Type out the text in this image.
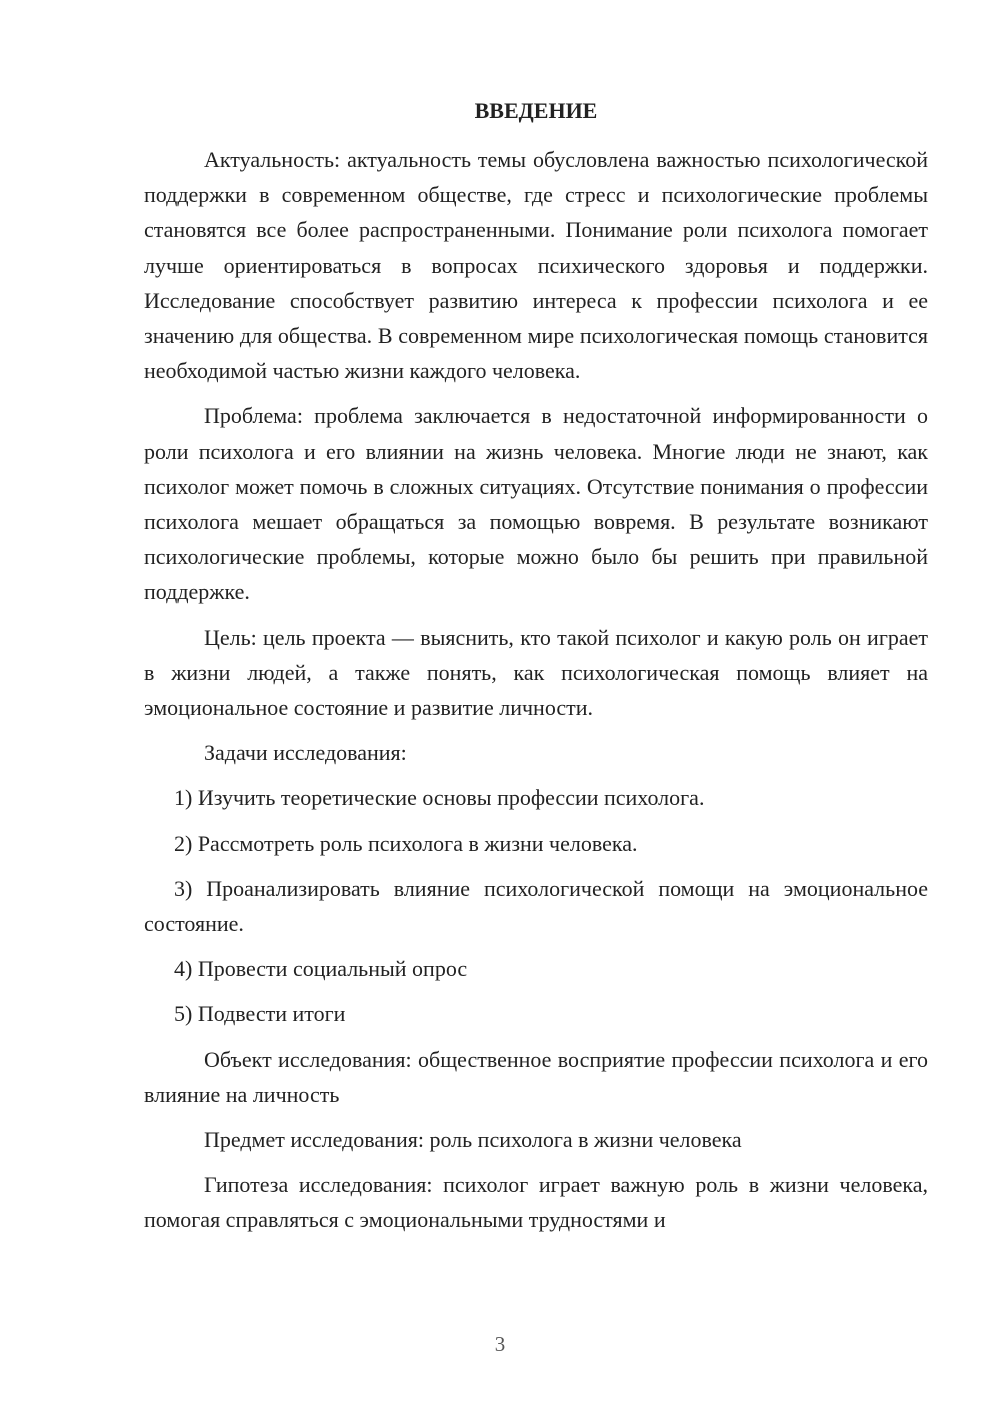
ВВЕДЕНИЕ

Актуальность: актуальность темы обусловлена важностью психологической поддержки в современном обществе, где стресс и психологические проблемы становятся все более распространенными. Понимание роли психолога помогает лучше ориентироваться в вопросах психического здоровья и поддержки. Исследование способствует развитию интереса к профессии психолога и ее значению для общества. В современном мире психологическая помощь становится необходимой частью жизни каждого человека.

Проблема: проблема заключается в недостаточной информированности о роли психолога и его влиянии на жизнь человека. Многие люди не знают, как психолог может помочь в сложных ситуациях. Отсутствие понимания о профессии психолога мешает обращаться за помощью вовремя. В результате возникают психологические проблемы, которые можно было бы решить при правильной поддержке.

Цель: цель проекта — выяснить, кто такой психолог и какую роль он играет в жизни людей, а также понять, как психологическая помощь влияет на эмоциональное состояние и развитие личности.

Задачи исследования:

1) Изучить теоретические основы профессии психолога.

2) Рассмотреть роль психолога в жизни человека.

3) Проанализировать влияние психологической помощи на эмоциональное состояние.

4) Провести социальный опрос

5) Подвести итоги

Объект исследования: общественное восприятие профессии психолога и его влияние на личность

Предмет исследования: роль психолога в жизни человека

Гипотеза исследования: психолог играет важную роль в жизни человека, помогая справляться с эмоциональными трудностями и

3
